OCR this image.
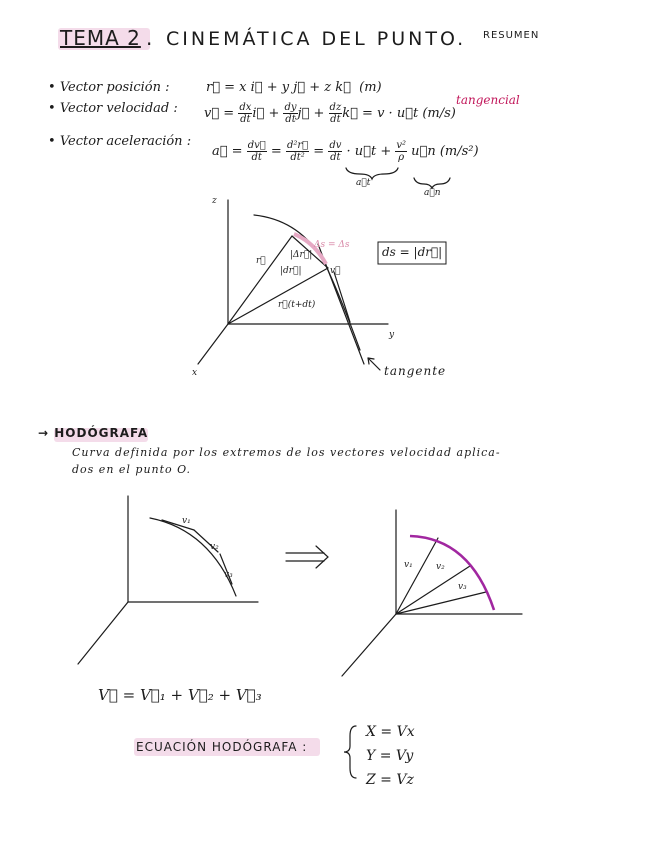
TEMA 2 . CINEMÁTICA DEL PUNTO. RESUMEN
• Vector posición :	r⃗ = x i⃗ + y j⃗ + z k⃗ (m)
• Vector velocidad : v⃗ = $\frac{dx}{dt}$ i⃗ + $\frac{dy}{dt}$ j⃗ + $\frac{dz}{dt}$ k⃗ = v · u⃗t (m/s)
tangencial
• Vector aceleración :
a⃗ = $\frac{dv⃗}{dt} = \frac{\text{d²r⃗}}{\text{dt²}} = \frac{dv}{dt}$ · u⃗t + $\frac{\text{v²}}{\rho}$ u⃗n (m/s²)
a⃗t
a⃗n
z
y
x
r⃗
|Δr⃗|
|dr⃗|	v⃗
r⃗(t+dt)
Δs = Δs	ds = |dr⃗|
tangente
→ HODÓGRAFA
Curva definida por los extremos de los vectores velocidad aplica-
dos en el punto O.
v₁
v₂
v₃
v₁	v₂
v₃
V⃗ = V⃗₁ + V⃗₂ + V⃗₃
ECUACIÓN HODÓGRAFA :
X = Vx
Y = Vy
Z = Vz
